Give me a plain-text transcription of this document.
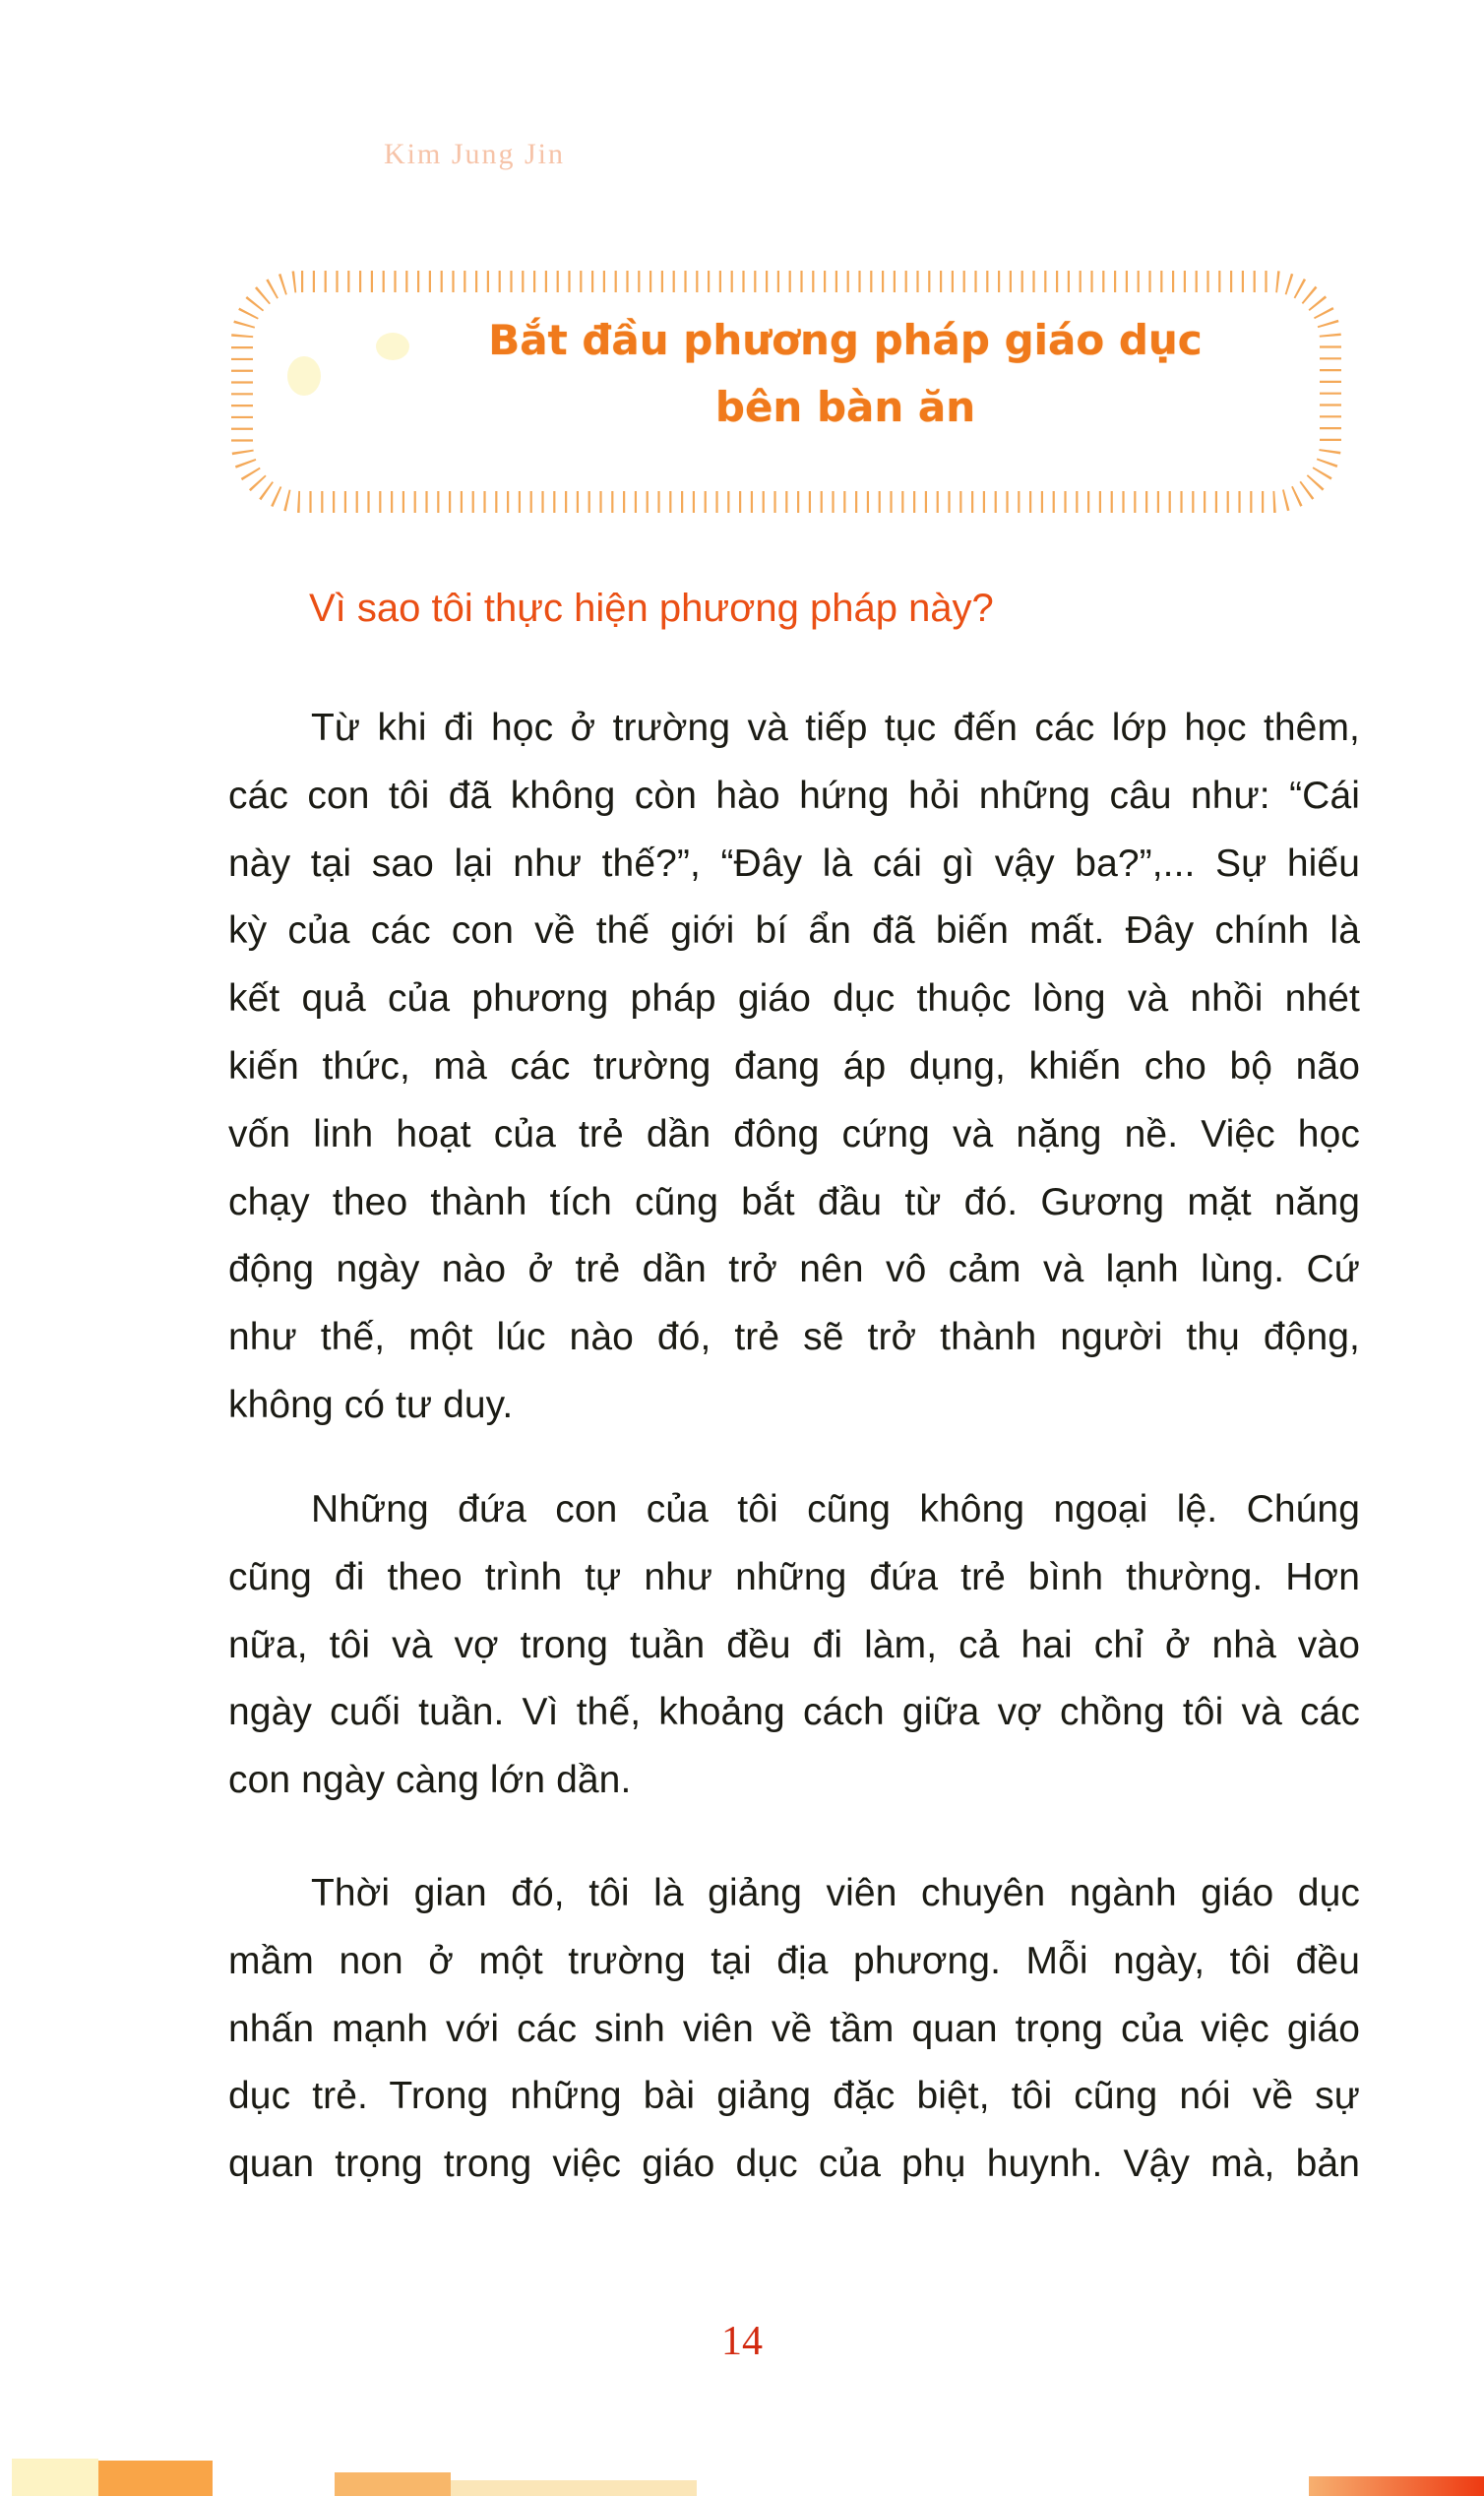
Kim Jung Jin
Bắt đầu phương pháp giáo dục
bên bàn ăn
Vì sao tôi thực hiện phương pháp này?
Từ khi đi học ở trường và tiếp tục đến các lớp học thêm,
các con tôi đã không còn hào hứng hỏi những câu như: “Cái
này tại sao lại như thế?”, “Đây là cái gì vậy ba?”,... Sự hiếu
kỳ của các con về thế giới bí ẩn đã biến mất. Đây chính là
kết quả của phương pháp giáo dục thuộc lòng và nhồi nhét
kiến thức, mà các trường đang áp dụng, khiến cho bộ não
vốn linh hoạt của trẻ dần đông cứng và nặng nề. Việc học
chạy theo thành tích cũng bắt đầu từ đó. Gương mặt năng
động ngày nào ở trẻ dần trở nên vô cảm và lạnh lùng. Cứ
như thế, một lúc nào đó, trẻ sẽ trở thành người thụ động,
không có tư duy.
Những đứa con của tôi cũng không ngoại lệ. Chúng
cũng đi theo trình tự như những đứa trẻ bình thường. Hơn
nữa, tôi và vợ trong tuần đều đi làm, cả hai chỉ ở nhà vào
ngày cuối tuần. Vì thế, khoảng cách giữa vợ chồng tôi và các
con ngày càng lớn dần.
Thời gian đó, tôi là giảng viên chuyên ngành giáo dục
mầm non ở một trường tại địa phương. Mỗi ngày, tôi đều
nhấn mạnh với các sinh viên về tầm quan trọng của việc giáo
dục trẻ. Trong những bài giảng đặc biệt, tôi cũng nói về sự
quan trọng trong việc giáo dục của phụ huynh. Vậy mà, bản
14
